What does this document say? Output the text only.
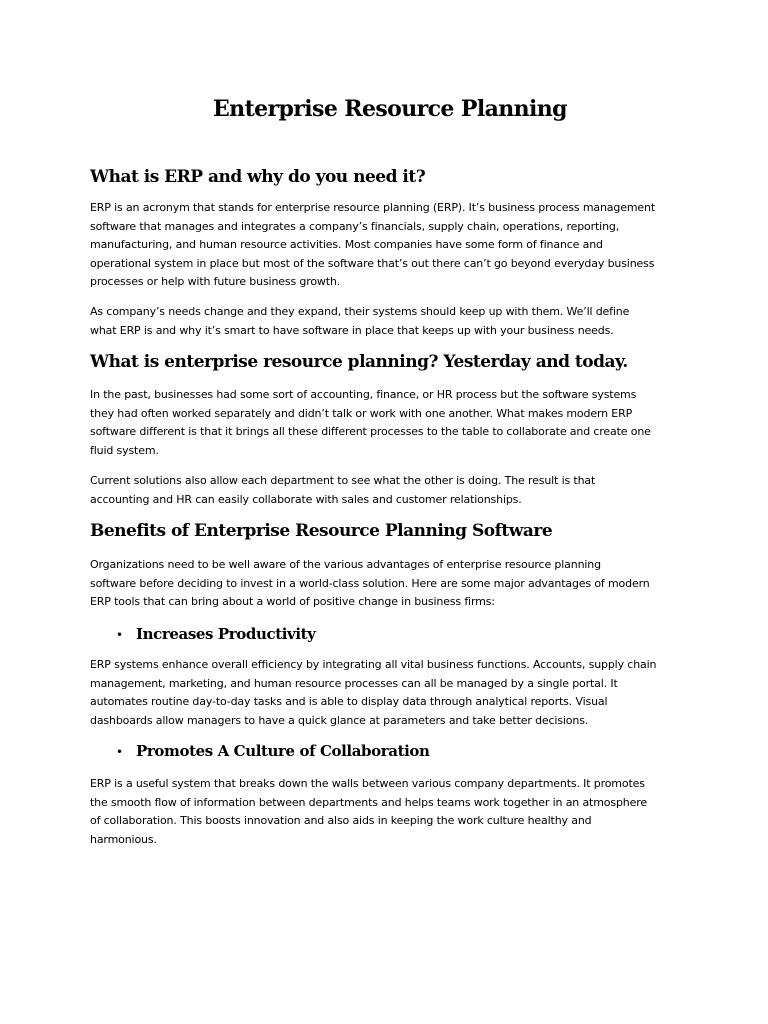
Enterprise Resource Planning
What is ERP and why do you need it?

ERP is an acronym that stands for enterprise resource planning (ERP). It’s business process management
software that manages and integrates a company’s financials, supply chain, operations, reporting,
manufacturing, and human resource activities. Most companies have some form of finance and
operational system in place but most of the software that’s out there can’t go beyond everyday business
processes or help with future business growth.

As company’s needs change and they expand, their systems should keep up with them. We’ll define
what ERP is and why it’s smart to have software in place that keeps up with your business needs.

What is enterprise resource planning? Yesterday and today.

In the past, businesses had some sort of accounting, finance, or HR process but the software systems
they had often worked separately and didn’t talk or work with one another. What makes modern ERP
software different is that it brings all these different processes to the table to collaborate and create one
fluid system.

Current solutions also allow each department to see what the other is doing. The result is that
accounting and HR can easily collaborate with sales and customer relationships.

Benefits of Enterprise Resource Planning Software

Organizations need to be well aware of the various advantages of enterprise resource planning
software before deciding to invest in a world-class solution. Here are some major advantages of modern
ERP tools that can bring about a world of positive change in business firms:

• Increases Productivity

ERP systems enhance overall efficiency by integrating all vital business functions. Accounts, supply chain
management, marketing, and human resource processes can all be managed by a single portal. It
automates routine day-to-day tasks and is able to display data through analytical reports. Visual
dashboards allow managers to have a quick glance at parameters and take better decisions.

• Promotes A Culture of Collaboration

ERP is a useful system that breaks down the walls between various company departments. It promotes
the smooth flow of information between departments and helps teams work together in an atmosphere
of collaboration. This boosts innovation and also aids in keeping the work culture healthy and
harmonious.
